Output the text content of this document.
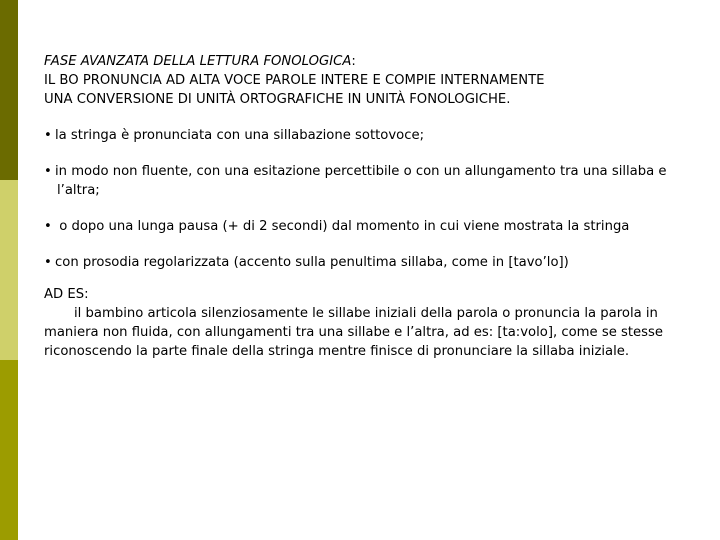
FASE AVANZATA DELLA LETTURA FONOLOGICA:

IL BO PRONUNCIA AD ALTA VOCE PAROLE INTERE E COMPIE INTERNAMENTE

UNA CONVERSIONE DI UNITÀ ORTOGRAFICHE IN UNITÀ FONOLOGICHE.

• la stringa è pronunciata con una sillabazione sottovoce;

• in modo non fluente, con una esitazione percettibile o con un allungamento tra una sillaba e l’altra;

• o dopo una lunga pausa (+ di 2 secondi) dal momento in cui viene mostrata la stringa

• con prosodia regolarizzata (accento sulla penultima sillaba, come in [tavo’lo])

AD ES:

il bambino articola silenziosamente le sillabe iniziali della parola o pronuncia la parola in maniera non fluida, con allungamenti tra una sillabe e l’altra, ad es: [ta:volo], come se stesse riconoscendo la parte finale della stringa mentre finisce di pronunciare la sillaba iniziale.
